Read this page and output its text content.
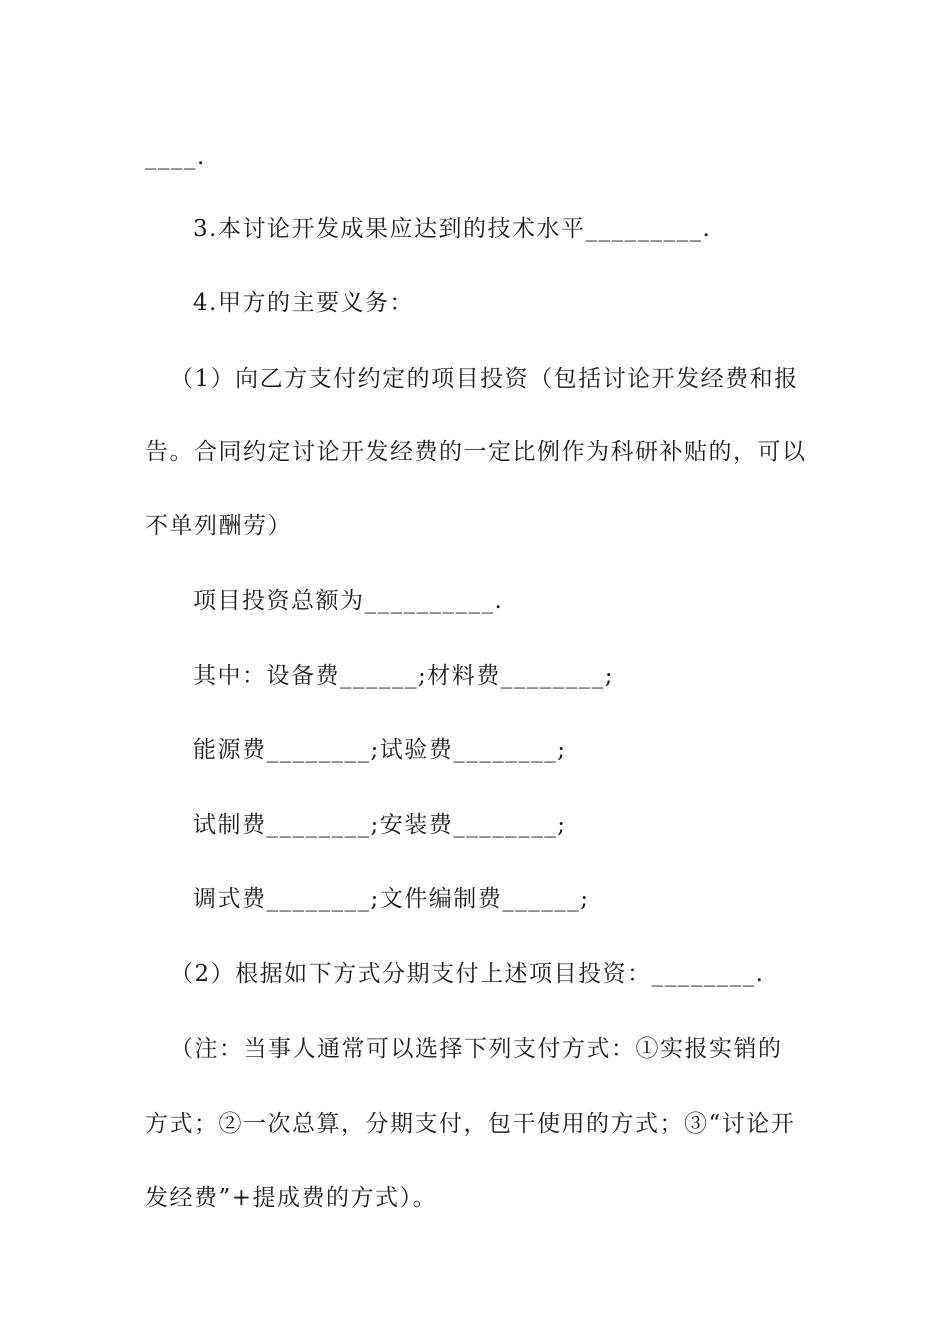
____.
3.本讨论开发成果应达到的技术水平_________.
4.甲方的主要义务：
（1）向乙方支付约定的项目投资（包括讨论开发经费和报
告。合同约定讨论开发经费的一定比例作为科研补贴的，可以
不单列酬劳）
项目投资总额为__________.
其中：设备费______;材料费________;
能源费________;试验费________;
试制费________;安装费________;
调式费________;文件编制费______;
（2）根据如下方式分期支付上述项目投资：________.
（注：当事人通常可以选择下列支付方式：①实报实销的
方式；②一次总算，分期支付，包干使用的方式；③“讨论开
发经费”+提成费的方式）。
